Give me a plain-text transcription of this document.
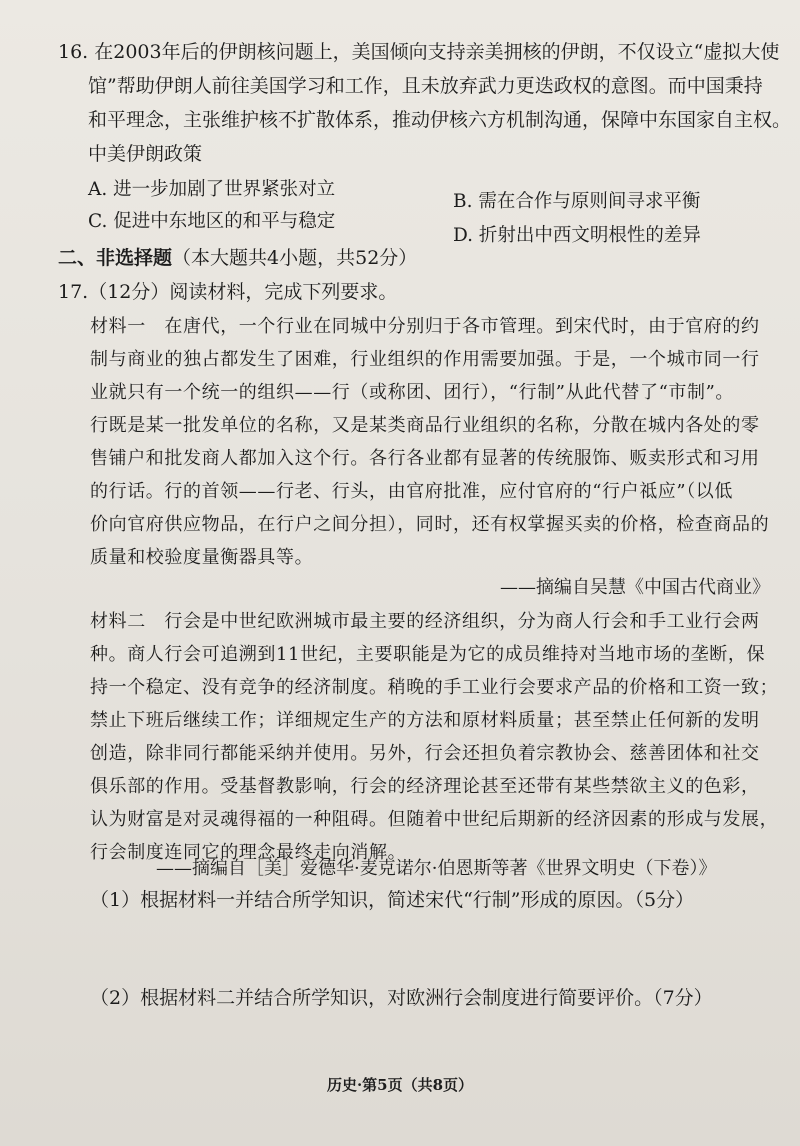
16. 在2003年后的伊朗核问题上，美国倾向支持亲美拥核的伊朗，不仅设立“虚拟大使
馆”帮助伊朗人前往美国学习和工作，且未放弃武力更迭政权的意图。而中国秉持
和平理念，主张维护核不扩散体系，推动伊核六方机制沟通，保障中东国家自主权。
中美伊朗政策
A. 进一步加剧了世界紧张对立
B. 需在合作与原则间寻求平衡
C. 促进中东地区的和平与稳定
D. 折射出中西文明根性的差异
二、非选择题（本大题共4小题，共52分）
17.（12分）阅读材料，完成下列要求。
材料一　在唐代，一个行业在同城中分别归于各市管理。到宋代时，由于官府的约
制与商业的独占都发生了困难，行业组织的作用需要加强。于是，一个城市同一行
业就只有一个统一的组织——行（或称团、团行），“行制”从此代替了“市制”。
行既是某一批发单位的名称，又是某类商品行业组织的名称，分散在城内各处的零
售铺户和批发商人都加入这个行。各行各业都有显著的传统服饰、贩卖形式和习用
的行话。行的首领——行老、行头，由官府批准，应付官府的“行户祗应”（以低
价向官府供应物品，在行户之间分担），同时，还有权掌握买卖的价格，检查商品的
质量和校验度量衡器具等。
——摘编自吴慧《中国古代商业》
材料二　行会是中世纪欧洲城市最主要的经济组织，分为商人行会和手工业行会两
种。商人行会可追溯到11世纪，主要职能是为它的成员维持对当地市场的垄断，保
持一个稳定、没有竞争的经济制度。稍晚的手工业行会要求产品的价格和工资一致；
禁止下班后继续工作；详细规定生产的方法和原材料质量；甚至禁止任何新的发明
创造，除非同行都能采纳并使用。另外，行会还担负着宗教协会、慈善团体和社交
俱乐部的作用。受基督教影响，行会的经济理论甚至还带有某些禁欲主义的色彩，
认为财富是对灵魂得福的一种阻碍。但随着中世纪后期新的经济因素的形成与发展，
行会制度连同它的理念最终走向消解。
——摘编自［美］爱德华·麦克诺尔·伯恩斯等著《世界文明史（下卷）》
（1）根据材料一并结合所学知识，简述宋代“行制”形成的原因。（5分）
（2）根据材料二并结合所学知识，对欧洲行会制度进行简要评价。（7分）
历史·第5页（共8页）
